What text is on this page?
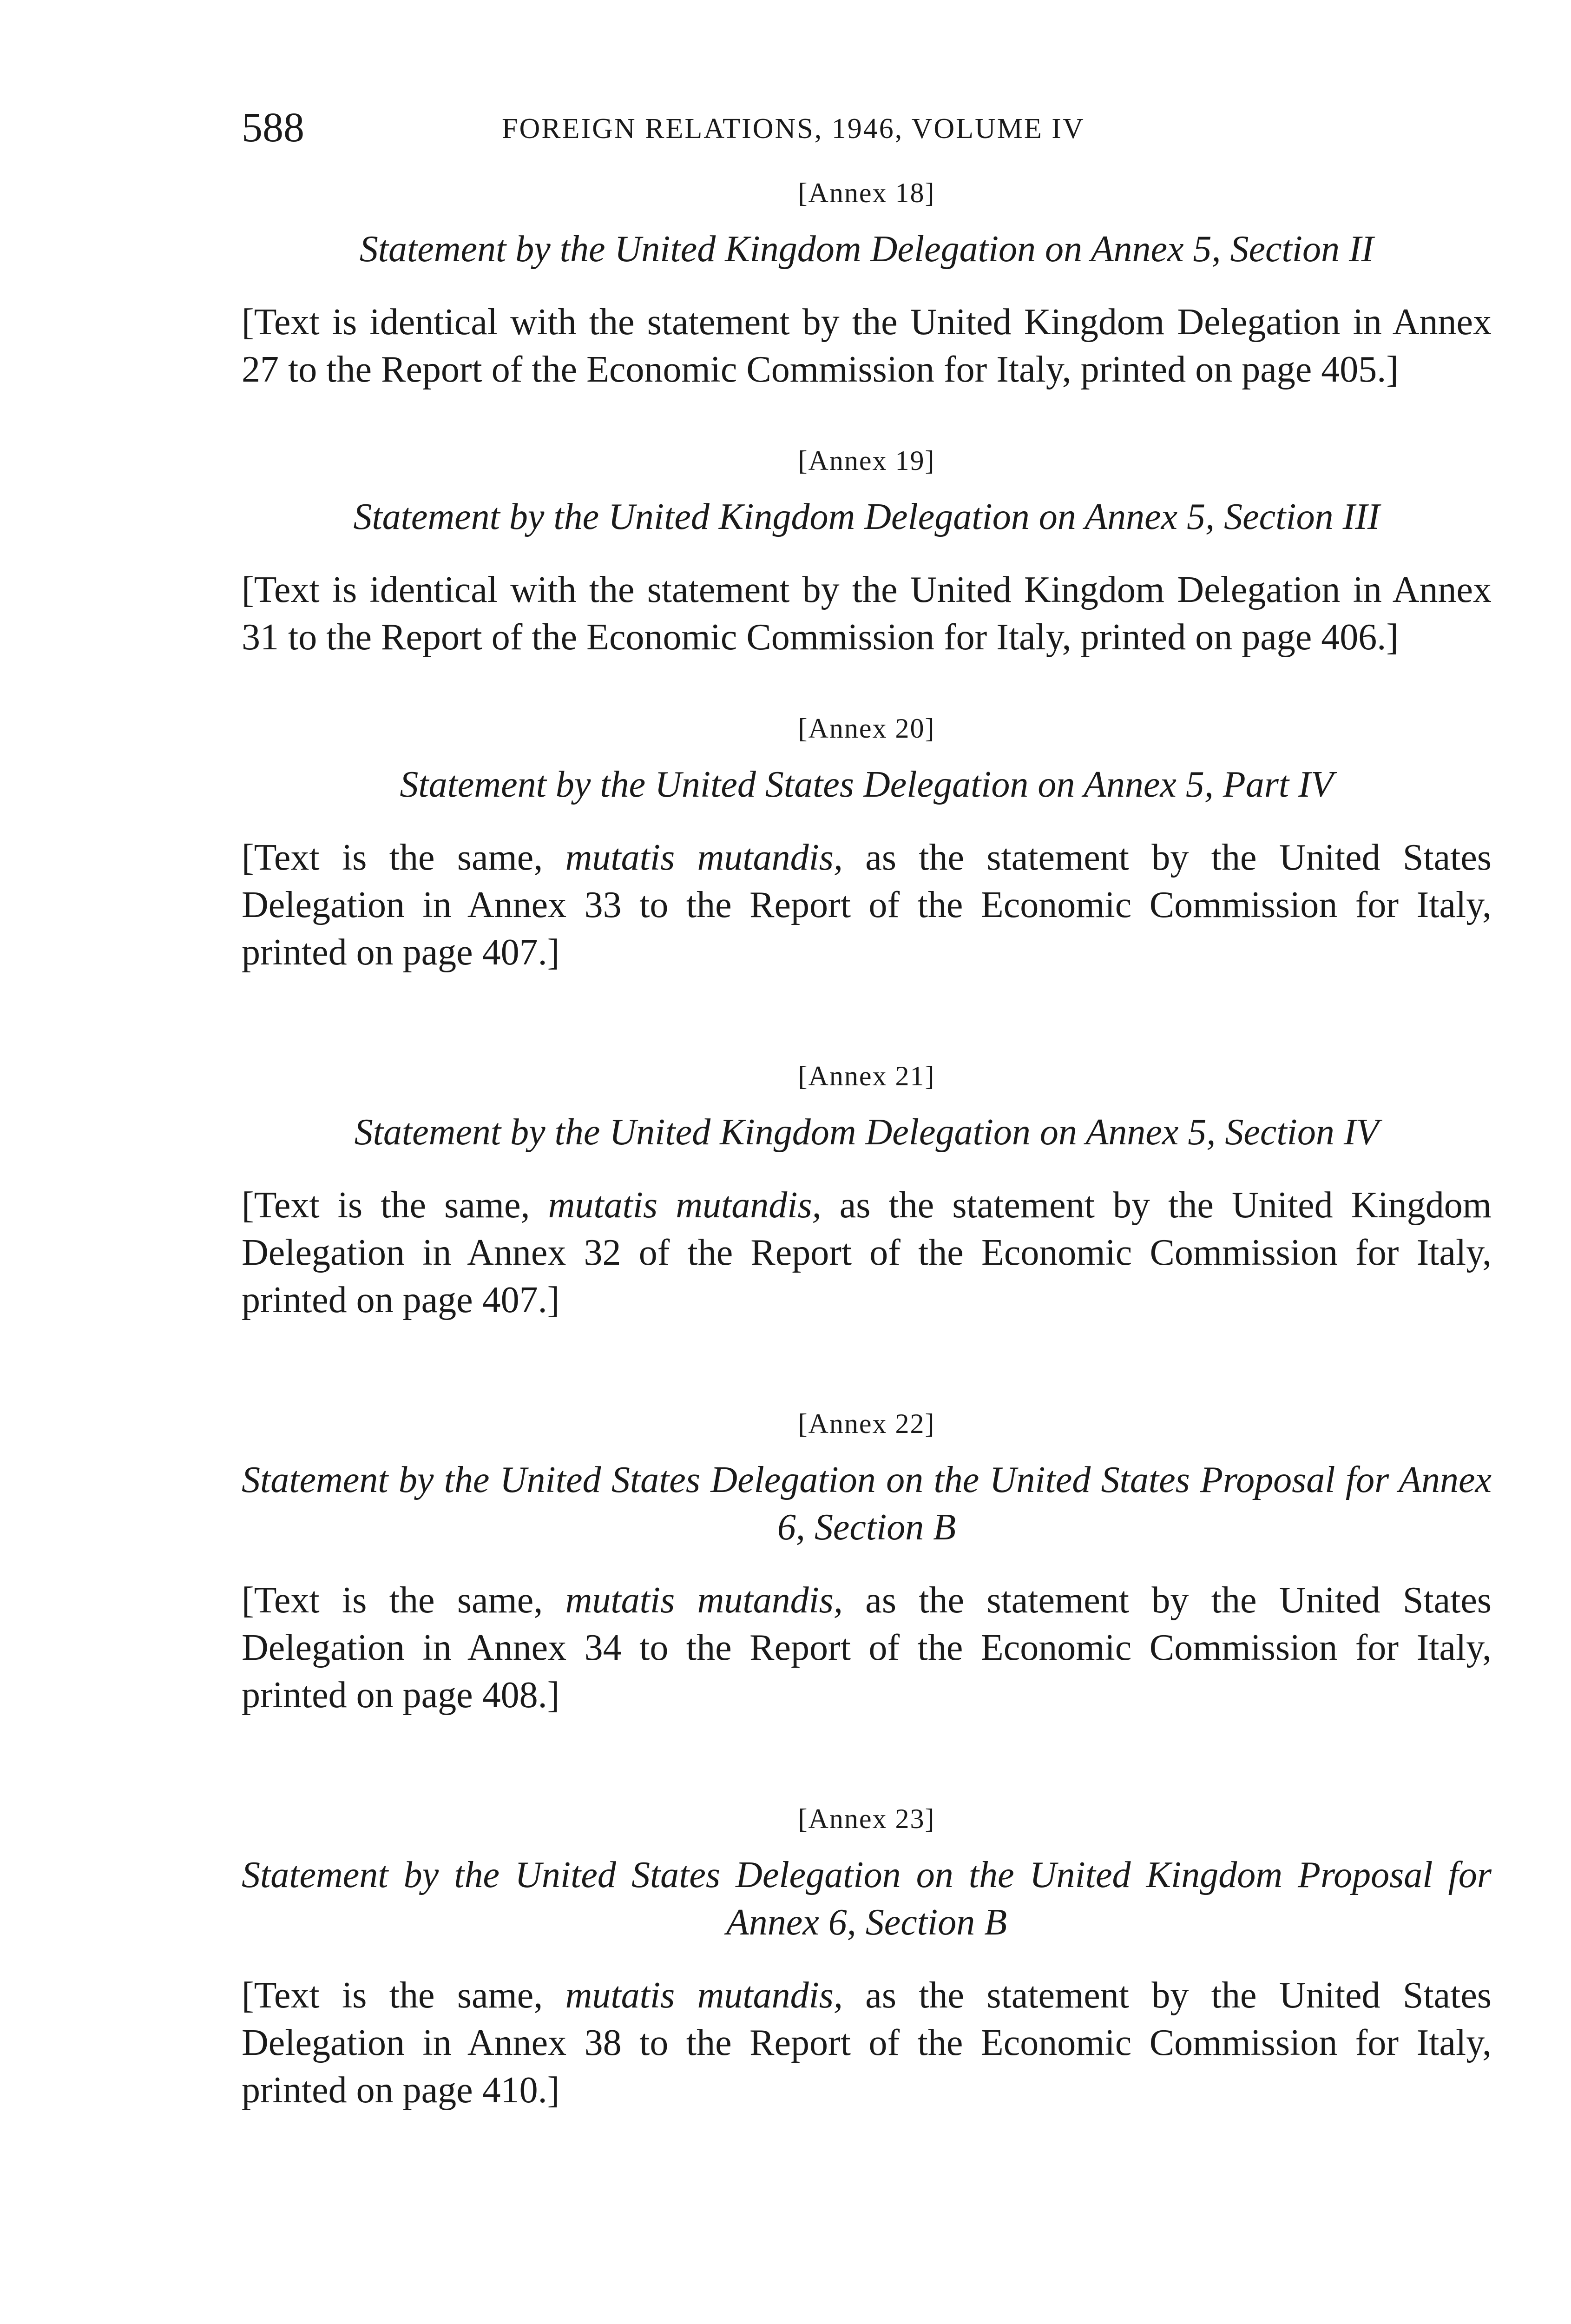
588	FOREIGN RELATIONS, 1946, VOLUME IV

[Annex 18]

Statement by the United Kingdom Delegation on Annex 5, Section II

[Text is identical with the statement by the United Kingdom Delegation in Annex 27 to the Report of the Economic Commission for Italy, printed on page 405.]

[Annex 19]

Statement by the United Kingdom Delegation on Annex 5, Section III

[Text is identical with the statement by the United Kingdom Delegation in Annex 31 to the Report of the Economic Commission for Italy, printed on page 406.]

[Annex 20]

Statement by the United States Delegation on Annex 5, Part IV

[Text is the same, mutatis mutandis, as the statement by the United States Delegation in Annex 33 to the Report of the Economic Commission for Italy, printed on page 407.]

[Annex 21]

Statement by the United Kingdom Delegation on Annex 5, Section IV

[Text is the same, mutatis mutandis, as the statement by the United Kingdom Delegation in Annex 32 of the Report of the Economic Commission for Italy, printed on page 407.]

[Annex 22]

Statement by the United States Delegation on the United States Proposal for Annex 6, Section B

[Text is the same, mutatis mutandis, as the statement by the United States Delegation in Annex 34 to the Report of the Economic Commission for Italy, printed on page 408.]

[Annex 23]

Statement by the United States Delegation on the United Kingdom Proposal for Annex 6, Section B

[Text is the same, mutatis mutandis, as the statement by the United States Delegation in Annex 38 to the Report of the Economic Commission for Italy, printed on page 410.]
